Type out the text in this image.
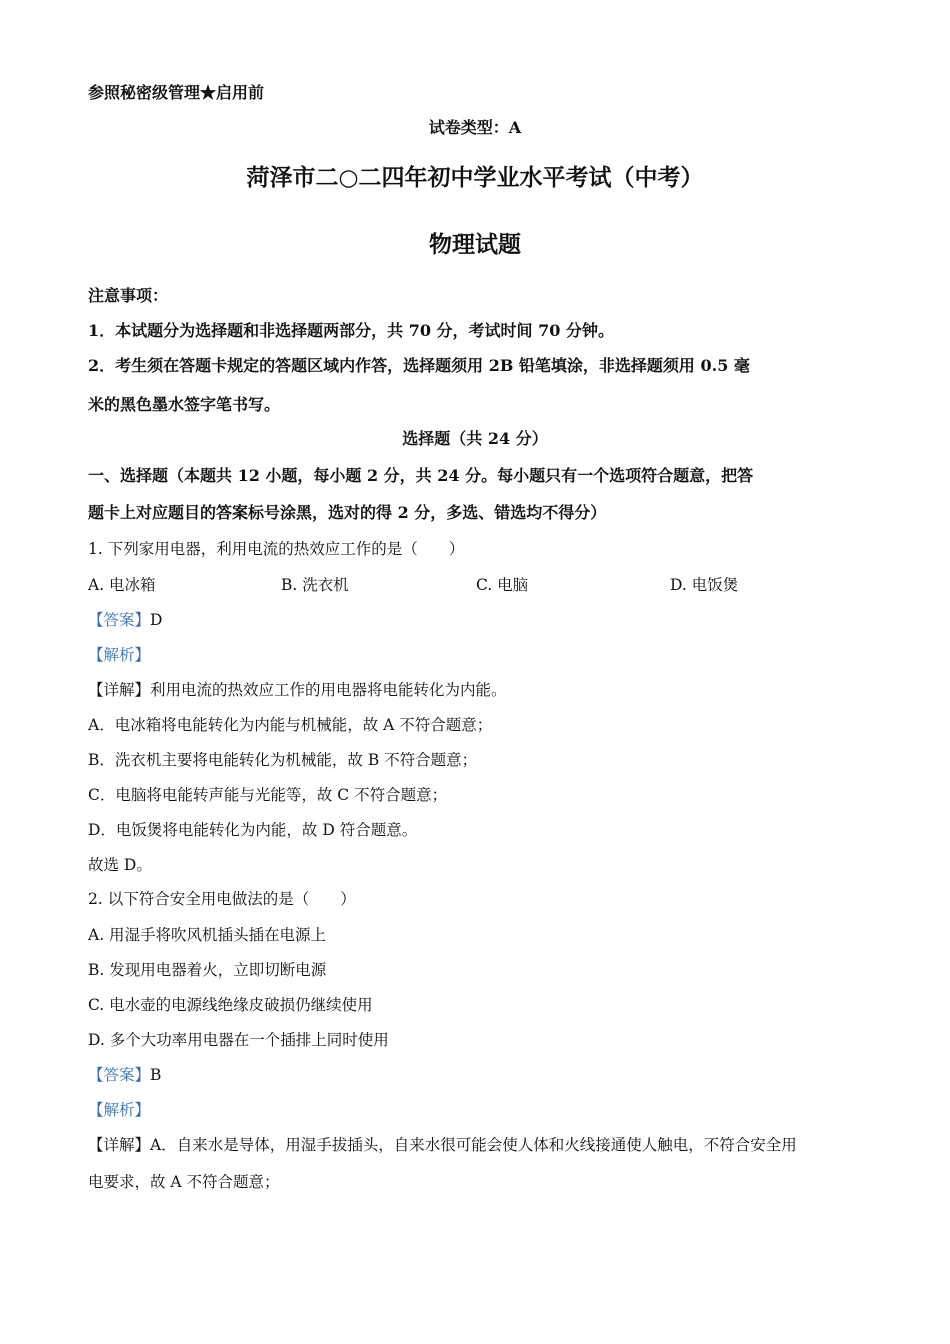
参照秘密级管理★启用前
试卷类型：A
菏泽市二○二四年初中学业水平考试（中考）
物理试题
注意事项：
1．本试题分为选择题和非选择题两部分，共 70 分，考试时间 70 分钟。
2．考生须在答题卡规定的答题区域内作答，选择题须用 2B 铅笔填涂，非选择题须用 0.5 毫
米的黑色墨水签字笔书写。
选择题（共 24 分）
一、选择题（本题共 12 小题，每小题 2 分，共 24 分。每小题只有一个选项符合题意，把答
题卡上对应题目的答案标号涂黑，选对的得 2 分，多选、错选均不得分）
1. 下列家用电器，利用电流的热效应工作的是（　　）
A. 电冰箱	B. 洗衣机	C. 电脑	D. 电饭煲
【答案】D
【解析】
【详解】利用电流的热效应工作的用电器将电能转化为内能。
A．电冰箱将电能转化为内能与机械能，故 A 不符合题意；
B．洗衣机主要将电能转化为机械能，故 B 不符合题意；
C．电脑将电能转声能与光能等，故 C 不符合题意；
D．电饭煲将电能转化为内能，故 D 符合题意。
故选 D。
2. 以下符合安全用电做法的是（　　）
A. 用湿手将吹风机插头插在电源上
B. 发现用电器着火，立即切断电源
C. 电水壶的电源线绝缘皮破损仍继续使用
D. 多个大功率用电器在一个插排上同时使用
【答案】B
【解析】
【详解】A．自来水是导体，用湿手拔插头，自来水很可能会使人体和火线接通使人触电，不符合安全用
电要求，故 A 不符合题意；
